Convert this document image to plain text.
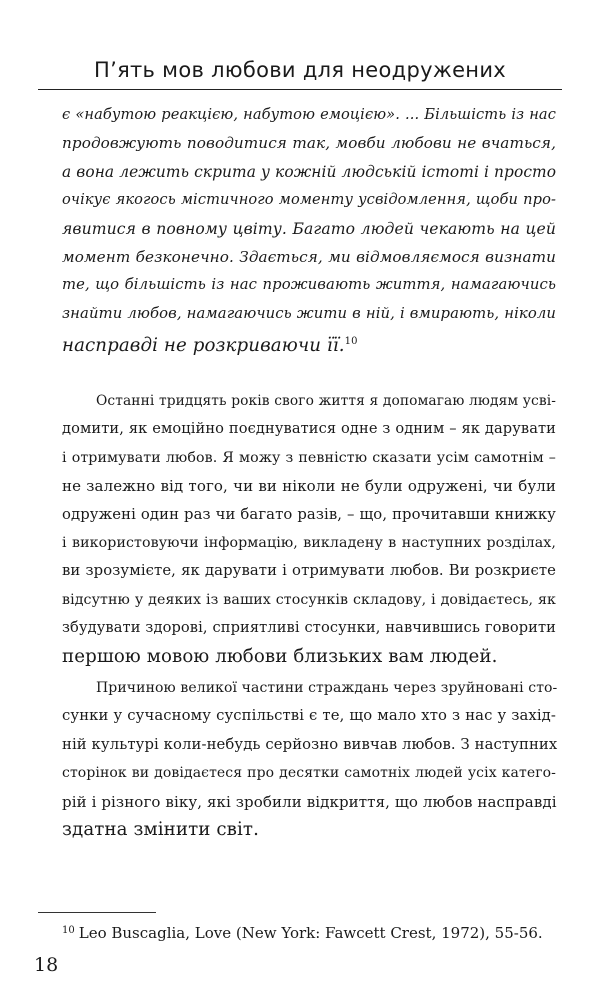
П’ять мов любови для неодружених
є «набутою реакцією, набутою емоцією». ... Більшість із нас
продовжують поводитися так, мовби любови не вчаться,
а вона лежить скрита у кожній людській істоті і просто
очікує якогось містичного моменту усвідомлення, щоби про-
явитися в повному цвіту. Багато людей чекають на цей
момент безконечно. Здається, ми відмовляємося визнати
те, що більшість із нас проживають життя, намагаючись
знайти любов, намагаючись жити в ній, і вмирають, ніколи
насправді не розкриваючи її.$^{10}$
Останні тридцять років свого життя я допомагаю людям усві-
домити, як емоційно поєднуватися одне з одним – як дарувати
і отримувати любов. Я можу з певністю сказати усім самотнім –
не залежно від того, чи ви ніколи не були одружені, чи були
одружені один раз чи багато разів, – що, прочитавши книжку
і використовуючи інформацію, викладену в наступних розділах,
ви зрозумієте, як дарувати і отримувати любов. Ви розкриєте
відсутню у деяких із ваших стосунків складову, і довідаєтесь, як
збудувати здорові, сприятливі стосунки, навчившись говорити
першою мовою любови близьких вам людей.
Причиною великої частини страждань через зруйновані сто-
сунки у сучасному суспільстві є те, що мало хто з нас у захід-
ній культурі коли-небудь серйозно вивчав любов. З наступних
сторінок ви довідаєтеся про десятки самотніх людей усіх катего-
рій і різного віку, які зробили відкриття, що любов насправді
здатна змінити світ.
$^{10}$ Leo Buscaglia, Love (New York: Fawcett Crest, 1972), 55-56.
18
